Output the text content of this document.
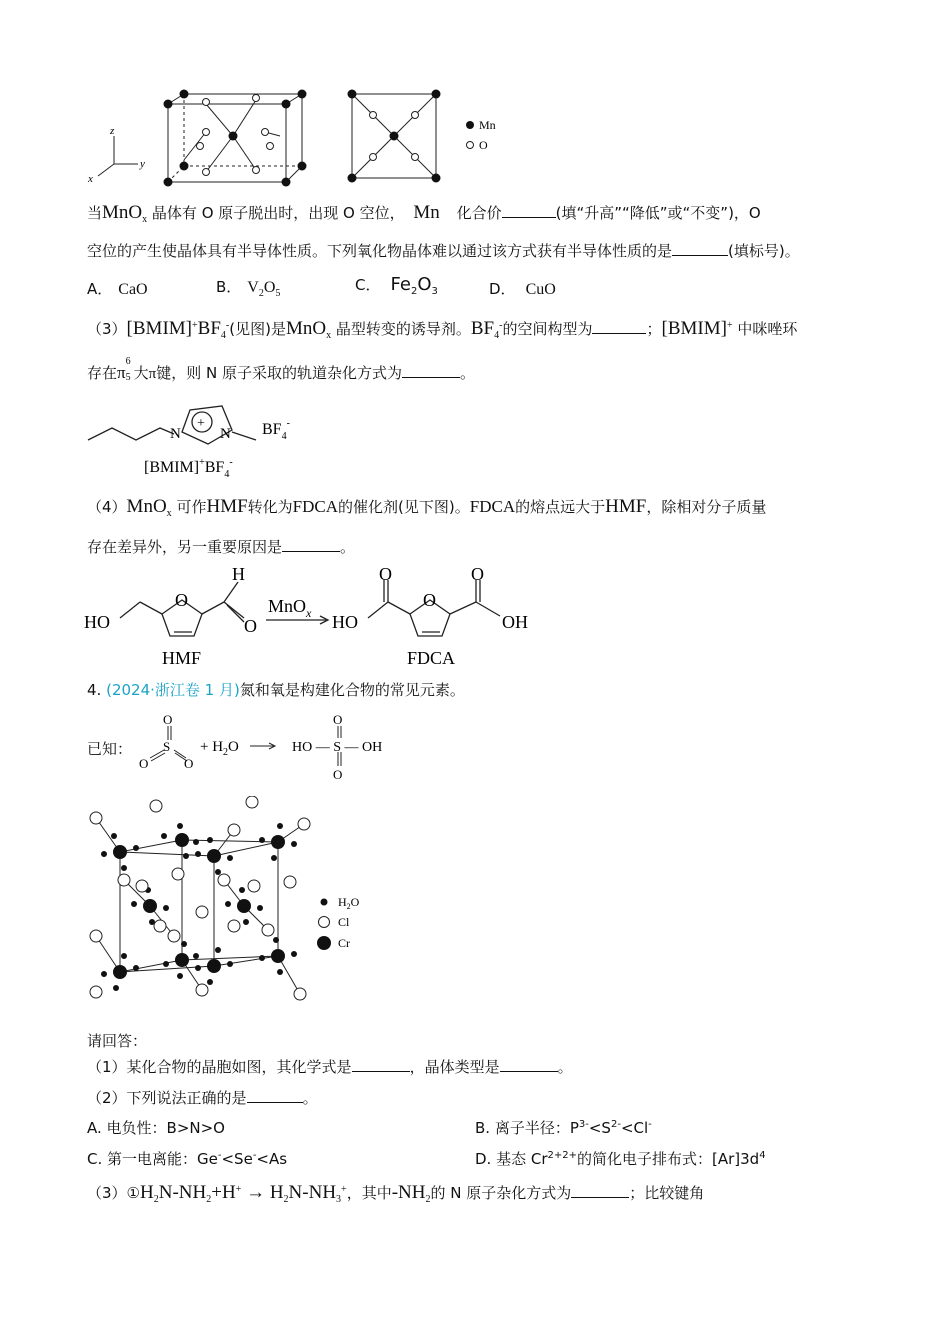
z
y
x
Mn
O
当MnO$_x$ 晶体有 O 原子脱出时，出现 O 空位， Mn 化合价	(填“升高”“降低”或“不变”)，O
空位的产生使晶体具有半导体性质。下列氧化物晶体难以通过该方式获有半导体性质的是	(填标号)。
A． CaO	B． $V_2O_5$	C． $Fe_2O_3$	D． CuO
$(3)[BMIM]^+BF_4^-$(见图)是MnO$_x$ 晶型转变的诱导剂。$BF_4^-$的空间构型为	；[BMIM]+ 中咪唑环
存在π
6
5 大π键，则 N 原子采取的轨道杂化方式为	。
N	N
+	$BF_4^-$
$[BMIM]^+BF_4^-$
（4）MnO$_x$ 可作HMF转化为FDCA的催化剂(见下图)。FDCA的熔点远大于HMF，除相对分子质量
存在差异外，另一重要原因是	。
HO
O
H
O
MnO$_x$ HO
O
O	O
OH
HMF	FDCA
4. (2024·浙江卷 1 月)氮和氧是构建化合物的常见元素。
已知：
O
S
O	O
+ $H_2O$	HO — S — OH
O
O
$H_2O$
Cl
Cr
请回答：
（1）某化合物的晶胞如图，其化学式是	，晶体类型是	。
（2）下列说法正确的是	。
A. 电负性：B>N>O	B. 离子半径：$P^{3-}<S^{2-}<Cl^-$
C. 第一电离能：Ge-<Se-<As	D. 基态 $Cr^{2+2+}$的简化电子排布式：$[Ar]3d^4$
$(3)①H_2N-NH_2+H^+ \to H_2N-NH_3^+$，其中$-NH_2$的 N 原子杂化方式为	；比较键角
